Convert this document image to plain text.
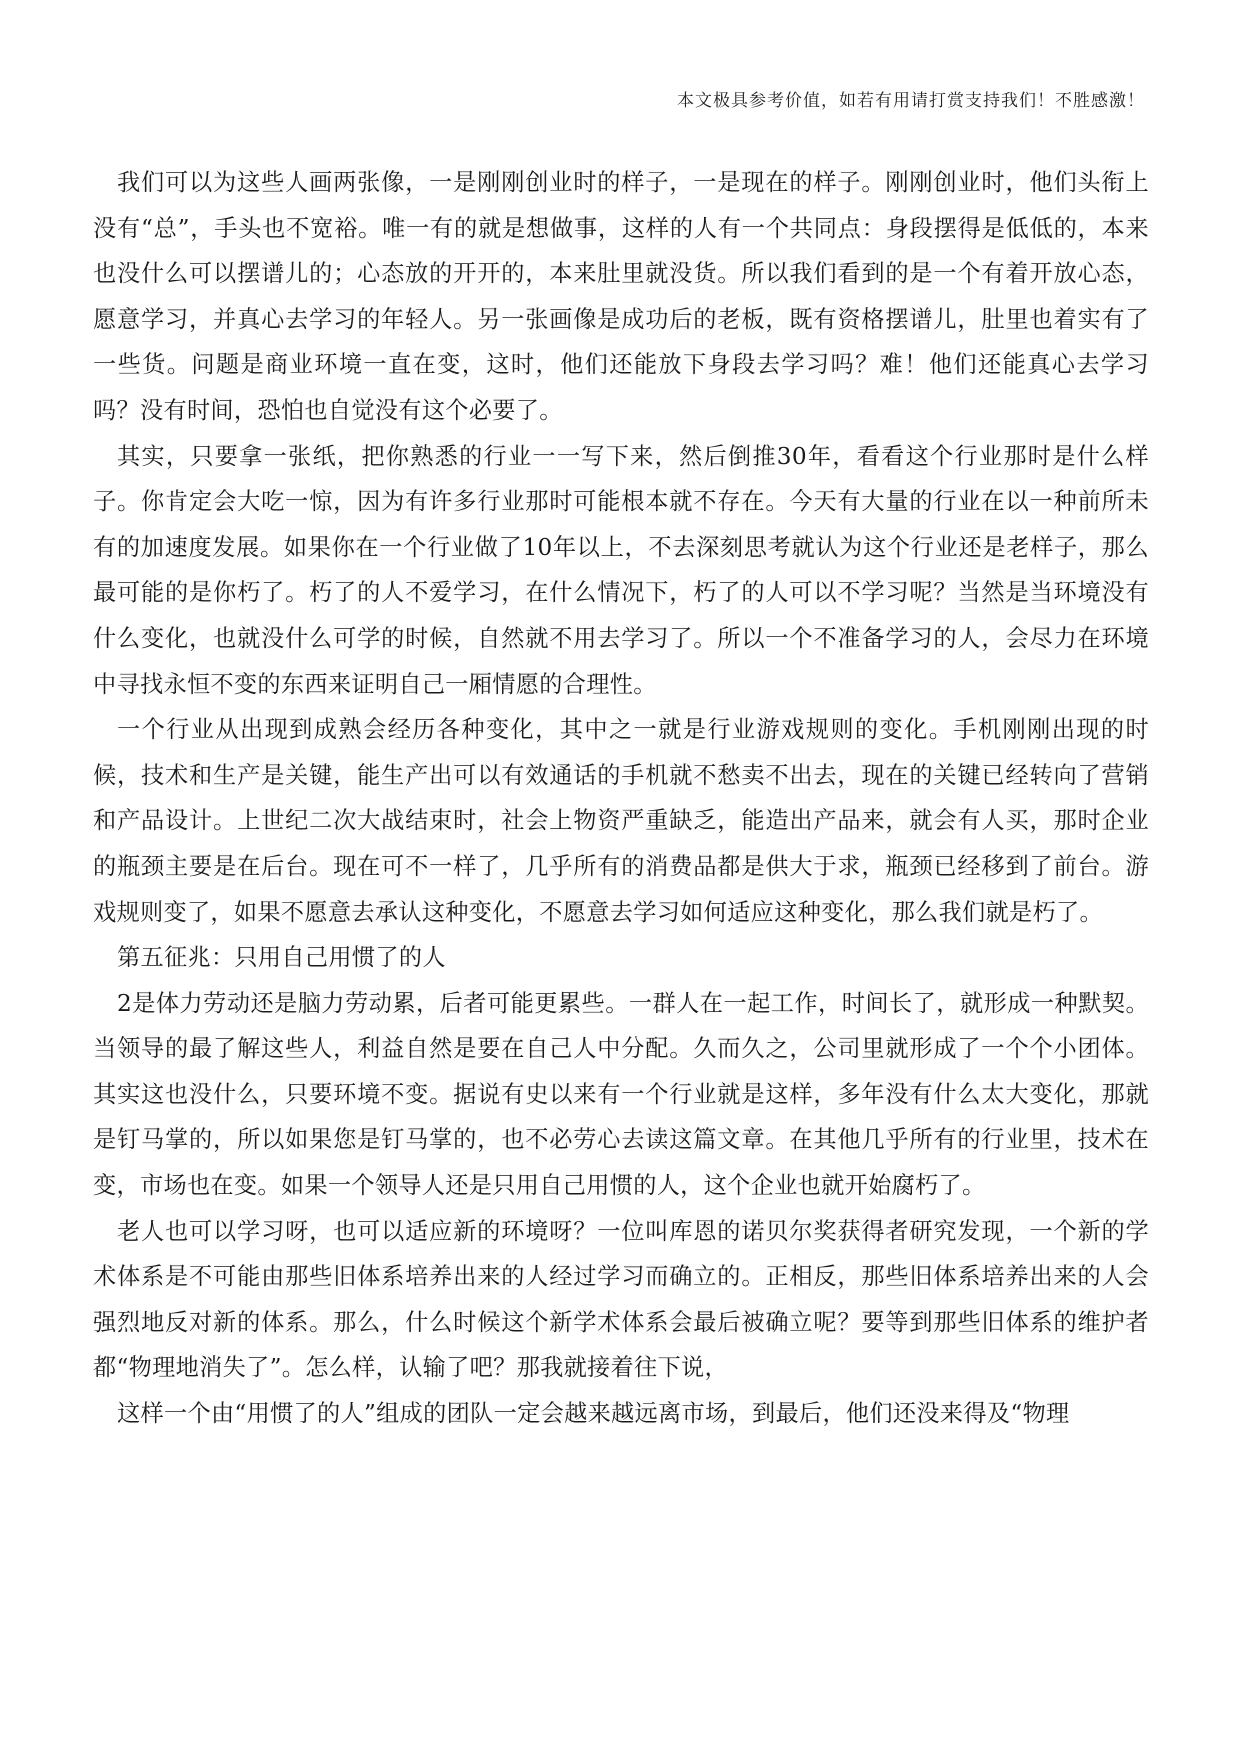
本文极具参考价值，如若有用请打赏支持我们！不胜感激！

我们可以为这些人画两张像，一是刚刚创业时的样子，一是现在的样子。刚刚创业时，他们头衔上没有“总”，手头也不宽裕。唯一有的就是想做事，这样的人有一个共同点：身段摆得是低低的，本来也没什么可以摆谱儿的；心态放的开开的，本来肚里就没货。所以我们看到的是一个有着开放心态，愿意学习，并真心去学习的年轻人。另一张画像是成功后的老板，既有资格摆谱儿，肚里也着实有了一些货。问题是商业环境一直在变，这时，他们还能放下身段去学习吗？难！他们还能真心去学习吗？没有时间，恐怕也自觉没有这个必要了。

其实，只要拿一张纸，把你熟悉的行业一一写下来，然后倒推30年，看看这个行业那时是什么样子。你肯定会大吃一惊，因为有许多行业那时可能根本就不存在。今天有大量的行业在以一种前所未有的加速度发展。如果你在一个行业做了10年以上，不去深刻思考就认为这个行业还是老样子，那么最可能的是你朽了。朽了的人不爱学习，在什么情况下，朽了的人可以不学习呢？当然是当环境没有什么变化，也就没什么可学的时候，自然就不用去学习了。所以一个不准备学习的人，会尽力在环境中寻找永恒不变的东西来证明自己一厢情愿的合理性。

一个行业从出现到成熟会经历各种变化，其中之一就是行业游戏规则的变化。手机刚刚出现的时候，技术和生产是关键，能生产出可以有效通话的手机就不愁卖不出去，现在的关键已经转向了营销和产品设计。上世纪二次大战结束时，社会上物资严重缺乏，能造出产品来，就会有人买，那时企业的瓶颈主要是在后台。现在可不一样了，几乎所有的消费品都是供大于求，瓶颈已经移到了前台。游戏规则变了，如果不愿意去承认这种变化，不愿意去学习如何适应这种变化，那么我们就是朽了。

第五征兆：只用自己用惯了的人

2是体力劳动还是脑力劳动累，后者可能更累些。一群人在一起工作，时间长了，就形成一种默契。当领导的最了解这些人，利益自然是要在自己人中分配。久而久之，公司里就形成了一个个小团体。其实这也没什么，只要环境不变。据说有史以来有一个行业就是这样，多年没有什么太大变化，那就是钉马掌的，所以如果您是钉马掌的，也不必劳心去读这篇文章。在其他几乎所有的行业里，技术在变，市场也在变。如果一个领导人还是只用自己用惯的人，这个企业也就开始腐朽了。

老人也可以学习呀，也可以适应新的环境呀？一位叫库恩的诺贝尔奖获得者研究发现，一个新的学术体系是不可能由那些旧体系培养出来的人经过学习而确立的。正相反，那些旧体系培养出来的人会强烈地反对新的体系。那么，什么时候这个新学术体系会最后被确立呢？要等到那些旧体系的维护者都“物理地消失了”。怎么样，认输了吧？那我就接着往下说，

这样一个由“用惯了的人”组成的团队一定会越来越远离市场，到最后，他们还没来得及“物理
